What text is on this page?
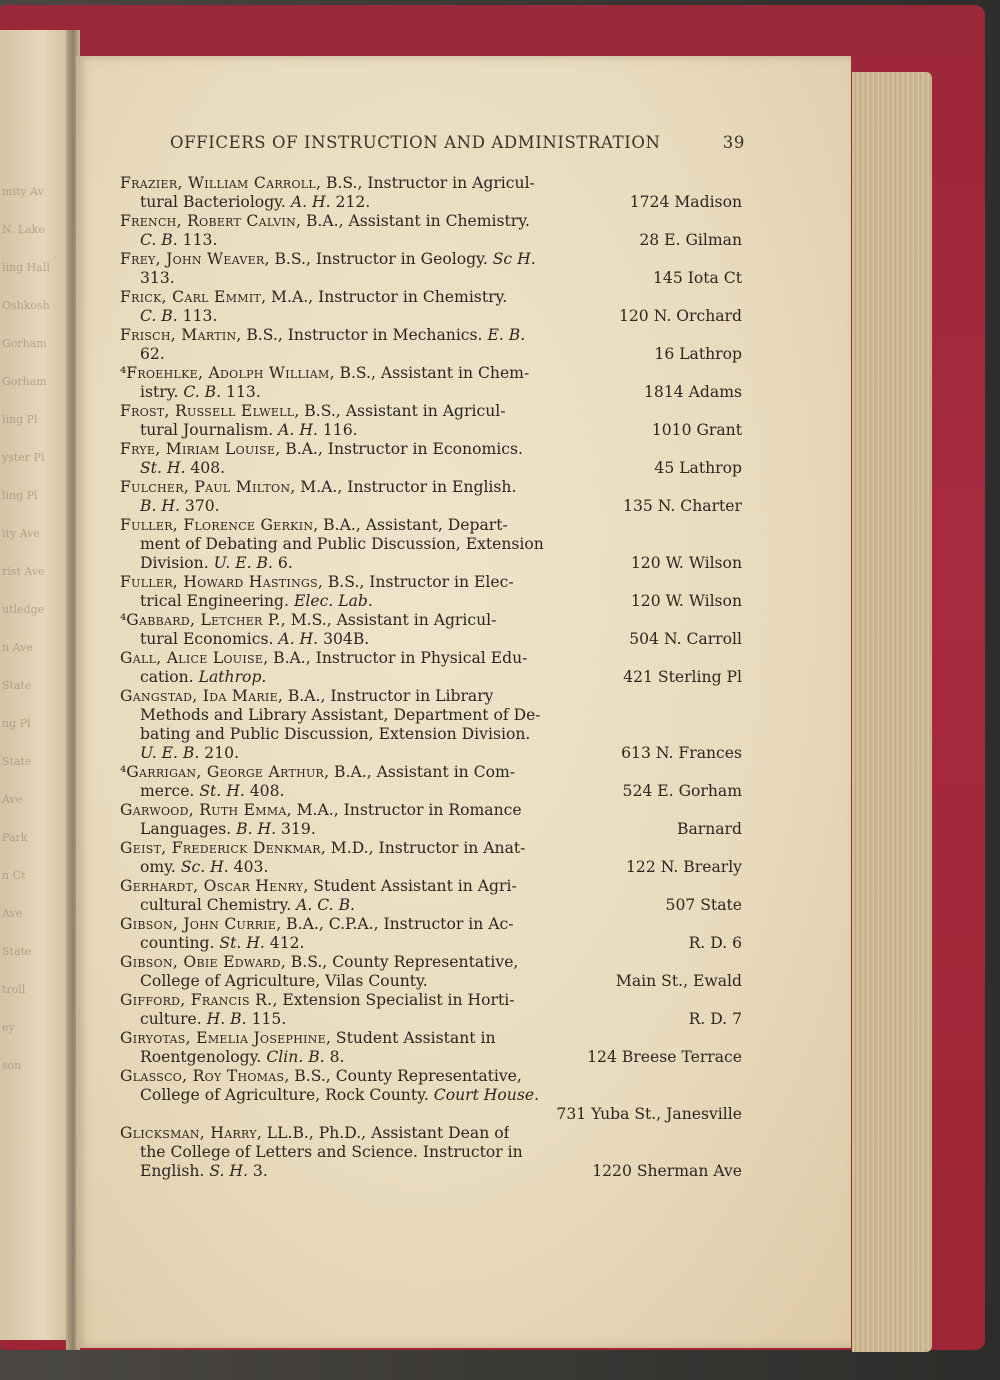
mity Av
N. Lake
ling Hall
Oshkosh
Gorham
Gorham
ling Pl
yster Pl
ling Pl
ity Ave
rist Ave
utledge
n Ave
State
ng Pl
State
Ave
Park
n Ct
Ave
State
troll
ey
son
OFFICERS OF INSTRUCTION AND ADMINISTRATION	39
Frazier, William Carroll, B.S., Instructor in Agricul-
tural Bacteriology. A. H. 212.	1724 Madison
French, Robert Calvin, B.A., Assistant in Chemistry.
C. B. 113.	28 E. Gilman
Frey, John Weaver, B.S., Instructor in Geology. Sc H.
313.	145 Iota Ct
Frick, Carl Emmit, M.A., Instructor in Chemistry.
C. B. 113.	120 N. Orchard
Frisch, Martin, B.S., Instructor in Mechanics. E. B.
62.	16 Lathrop
⁴Froehlke, Adolph William, B.S., Assistant in Chem-
istry. C. B. 113.	1814 Adams
Frost, Russell Elwell, B.S., Assistant in Agricul-
tural Journalism. A. H. 116.	1010 Grant
Frye, Miriam Louise, B.A., Instructor in Economics.
St. H. 408.	45 Lathrop
Fulcher, Paul Milton, M.A., Instructor in English.
B. H. 370.	135 N. Charter
Fuller, Florence Gerkin, B.A., Assistant, Depart-
ment of Debating and Public Discussion, Extension
Division. U. E. B. 6.	120 W. Wilson
Fuller, Howard Hastings, B.S., Instructor in Elec-
trical Engineering. Elec. Lab.	120 W. Wilson
⁴Gabbard, Letcher P., M.S., Assistant in Agricul-
tural Economics. A. H. 304B.	504 N. Carroll
Gall, Alice Louise, B.A., Instructor in Physical Edu-
cation. Lathrop.	421 Sterling Pl
Gangstad, Ida Marie, B.A., Instructor in Library
Methods and Library Assistant, Department of De-
bating and Public Discussion, Extension Division.
U. E. B. 210.	613 N. Frances
⁴Garrigan, George Arthur, B.A., Assistant in Com-
merce. St. H. 408.	524 E. Gorham
Garwood, Ruth Emma, M.A., Instructor in Romance
Languages. B. H. 319.	Barnard
Geist, Frederick Denkmar, M.D., Instructor in Anat-
omy. Sc. H. 403.	122 N. Brearly
Gerhardt, Oscar Henry, Student Assistant in Agri-
cultural Chemistry. A. C. B.	507 State
Gibson, John Currie, B.A., C.P.A., Instructor in Ac-
counting. St. H. 412.	R. D. 6
Gibson, Obie Edward, B.S., County Representative,
College of Agriculture, Vilas County.	Main St., Ewald
Gifford, Francis R., Extension Specialist in Horti-
culture. H. B. 115.	R. D. 7
Giryotas, Emelia Josephine, Student Assistant in
Roentgenology. Clin. B. 8.	124 Breese Terrace
Glassco, Roy Thomas, B.S., County Representative,
College of Agriculture, Rock County. Court House.
731 Yuba St., Janesville
Glicksman, Harry, LL.B., Ph.D., Assistant Dean of
the College of Letters and Science. Instructor in
English. S. H. 3.	1220 Sherman Ave
